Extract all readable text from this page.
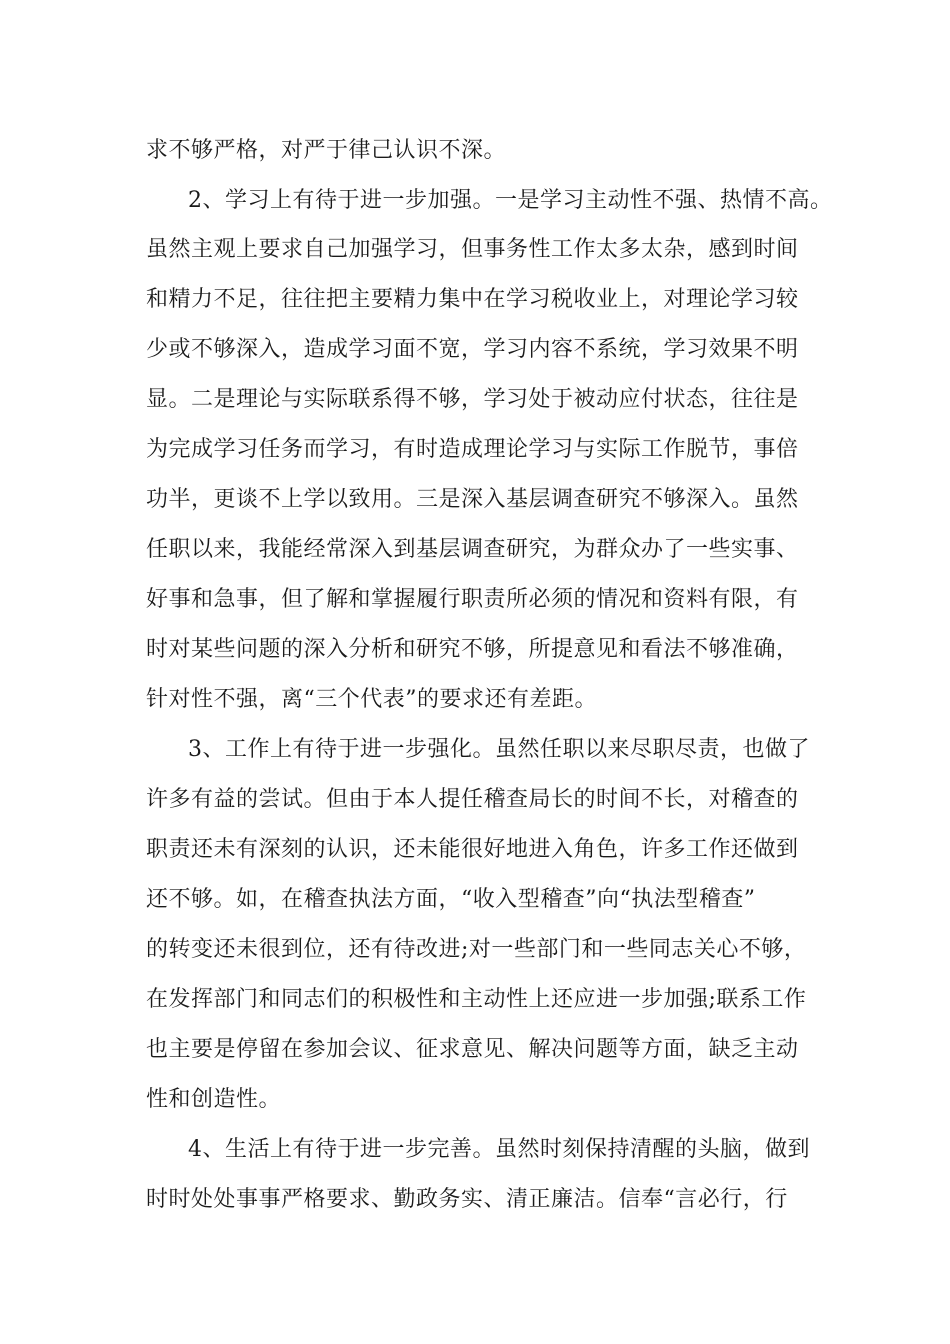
求不够严格，对严于律己认识不深。
2、学习上有待于进一步加强。一是学习主动性不强、热情不高。
虽然主观上要求自己加强学习，但事务性工作太多太杂，感到时间
和精力不足，往往把主要精力集中在学习税收业上，对理论学习较
少或不够深入，造成学习面不宽，学习内容不系统，学习效果不明
显。二是理论与实际联系得不够，学习处于被动应付状态，往往是
为完成学习任务而学习，有时造成理论学习与实际工作脱节，事倍
功半，更谈不上学以致用。三是深入基层调查研究不够深入。虽然
任职以来，我能经常深入到基层调查研究，为群众办了一些实事、
好事和急事，但了解和掌握履行职责所必须的情况和资料有限，有
时对某些问题的深入分析和研究不够，所提意见和看法不够准确，
针对性不强，离“三个代表”的要求还有差距。
3、工作上有待于进一步强化。虽然任职以来尽职尽责，也做了
许多有益的尝试。但由于本人提任稽查局长的时间不长，对稽查的
职责还未有深刻的认识，还未能很好地进入角色，许多工作还做到
还不够。如，在稽查执法方面，“收入型稽查”向“执法型稽查”
的转变还未很到位，还有待改进;对一些部门和一些同志关心不够，
在发挥部门和同志们的积极性和主动性上还应进一步加强;联系工作
也主要是停留在参加会议、征求意见、解决问题等方面，缺乏主动
性和创造性。
4、生活上有待于进一步完善。虽然时刻保持清醒的头脑，做到
时时处处事事严格要求、勤政务实、清正廉洁。信奉“言必行，行
